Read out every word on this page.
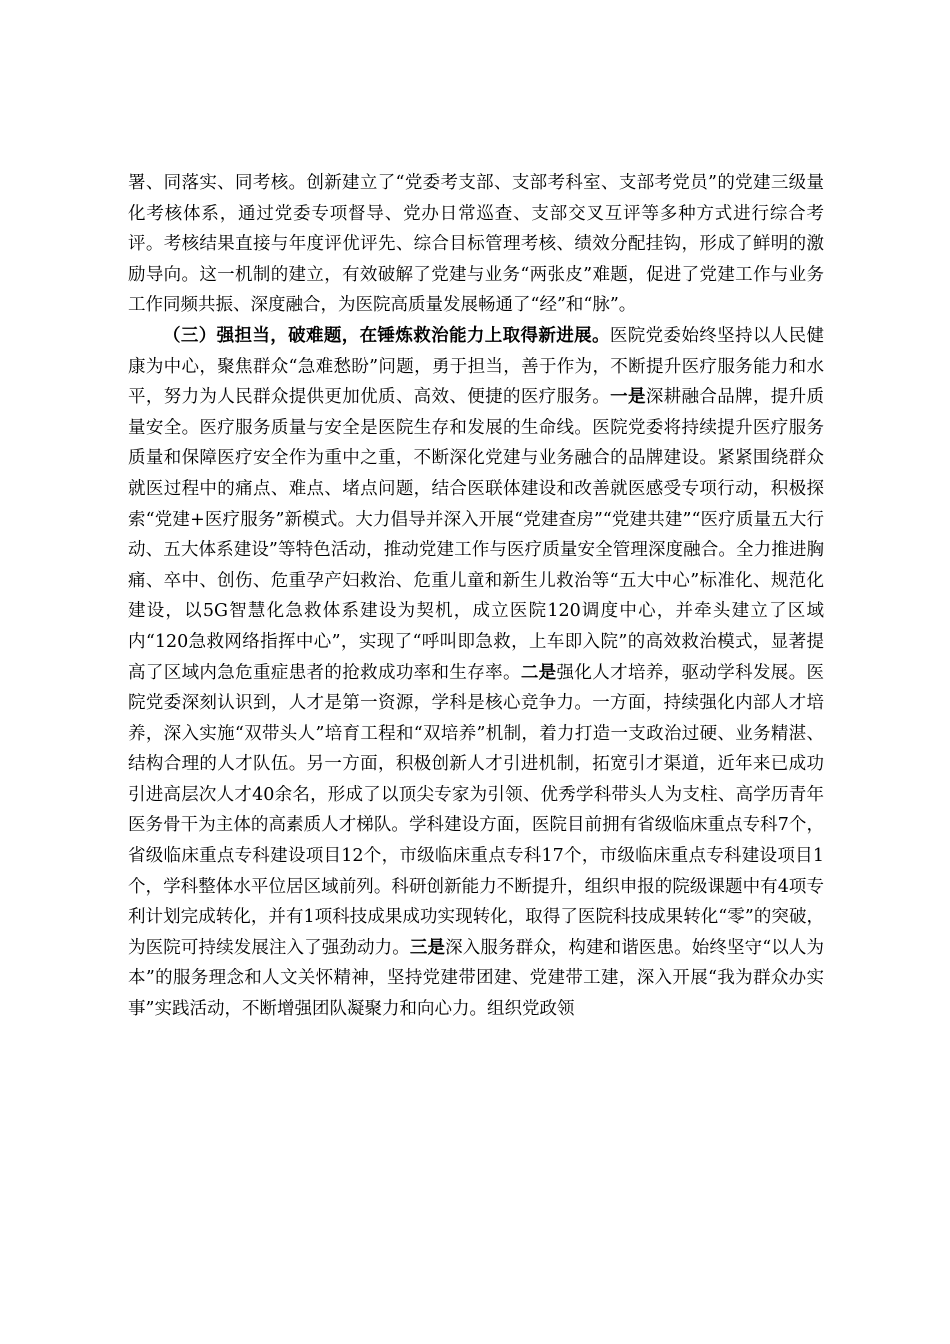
署、同落实、同考核。创新建立了“党委考支部、支部考科室、支部考党员”的党建三级量化考核体系，通过党委专项督导、党办日常巡查、支部交叉互评等多种方式进行综合考评。考核结果直接与年度评优评先、综合目标管理考核、绩效分配挂钩，形成了鲜明的激励导向。这一机制的建立，有效破解了党建与业务“两张皮”难题，促进了党建工作与业务工作同频共振、深度融合，为医院高质量发展畅通了“经”和“脉”。

（三）强担当，破难题，在锤炼救治能力上取得新进展。医院党委始终坚持以人民健康为中心，聚焦群众“急难愁盼”问题，勇于担当，善于作为，不断提升医疗服务能力和水平，努力为人民群众提供更加优质、高效、便捷的医疗服务。一是深耕融合品牌，提升质量安全。医疗服务质量与安全是医院生存和发展的生命线。医院党委将持续提升医疗服务质量和保障医疗安全作为重中之重，不断深化党建与业务融合的品牌建设。紧紧围绕群众就医过程中的痛点、难点、堵点问题，结合医联体建设和改善就医感受专项行动，积极探索“党建+医疗服务”新模式。大力倡导并深入开展“党建查房”“党建共建”“医疗质量五大行动、五大体系建设”等特色活动，推动党建工作与医疗质量安全管理深度融合。全力推进胸痛、卒中、创伤、危重孕产妇救治、危重儿童和新生儿救治等“五大中心”标准化、规范化建设，以5G智慧化急救体系建设为契机，成立医院120调度中心，并牵头建立了区域内“120急救网络指挥中心”，实现了“呼叫即急救，上车即入院”的高效救治模式，显著提高了区域内急危重症患者的抢救成功率和生存率。二是强化人才培养，驱动学科发展。医院党委深刻认识到，人才是第一资源，学科是核心竞争力。一方面，持续强化内部人才培养，深入实施“双带头人”培育工程和“双培养”机制，着力打造一支政治过硬、业务精湛、结构合理的人才队伍。另一方面，积极创新人才引进机制，拓宽引才渠道，近年来已成功引进高层次人才40余名，形成了以顶尖专家为引领、优秀学科带头人为支柱、高学历青年医务骨干为主体的高素质人才梯队。学科建设方面，医院目前拥有省级临床重点专科7个，省级临床重点专科建设项目12个，市级临床重点专科17个，市级临床重点专科建设项目1个，学科整体水平位居区域前列。科研创新能力不断提升，组织申报的院级课题中有4项专利计划完成转化，并有1项科技成果成功实现转化，取得了医院科技成果转化“零”的突破，为医院可持续发展注入了强劲动力。三是深入服务群众，构建和谐医患。始终坚守“以人为本”的服务理念和人文关怀精神，坚持党建带团建、党建带工建，深入开展“我为群众办实事”实践活动，不断增强团队凝聚力和向心力。组织党政领
